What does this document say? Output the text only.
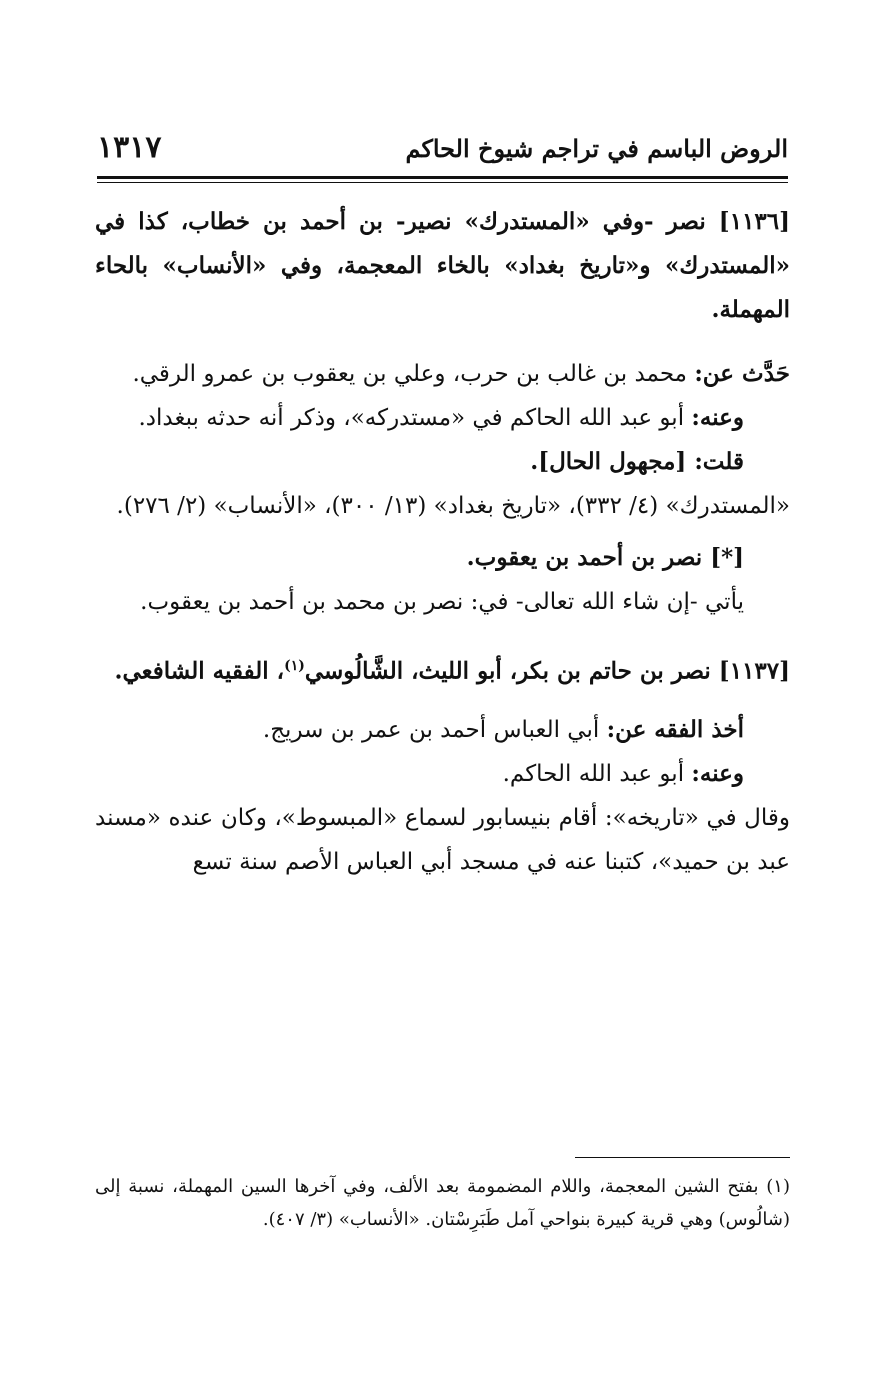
الروض الباسم في تراجم شيوخ الحاكم
١٣١٧

[١١٣٦] نصر -وفي «المستدرك» نصير- بن أحمد بن خطاب، كذا في «المستدرك» و«تاريخ بغداد» بالخاء المعجمة، وفي «الأنساب» بالحاء المهملة.

حَدَّث عن: محمد بن غالب بن حرب، وعلي بن يعقوب بن عمرو الرقي.

وعنه: أبو عبد الله الحاكم في «مستدركه»، وذكر أنه حدثه ببغداد.

قلت: [مجهول الحال].

«المستدرك» (٤/ ٣٣٢)، «تاريخ بغداد» (١٣/ ٣٠٠)، «الأنساب» (٢/ ٢٧٦).

[*] نصر بن أحمد بن يعقوب.

يأتي -إن شاء الله تعالى- في: نصر بن محمد بن أحمد بن يعقوب.

[١١٣٧] نصر بن حاتم بن بكر، أبو الليث، الشَّالُوسي$^{(١)}$، الفقيه الشافعي.

أخذ الفقه عن: أبي العباس أحمد بن عمر بن سريج.

وعنه: أبو عبد الله الحاكم.

وقال في «تاريخه»: أقام بنيسابور لسماع «المبسوط»، وكان عنده «مسند عبد بن حميد»، كتبنا عنه في مسجد أبي العباس الأصم سنة تسع

(١) بفتح الشين المعجمة، واللام المضمومة بعد الألف، وفي آخرها السين المهملة، نسبة إلى (شالُوس) وهي قرية كبيرة بنواحي آمل طَبَرِسْتان. «الأنساب» (٣/ ٤٠٧).
